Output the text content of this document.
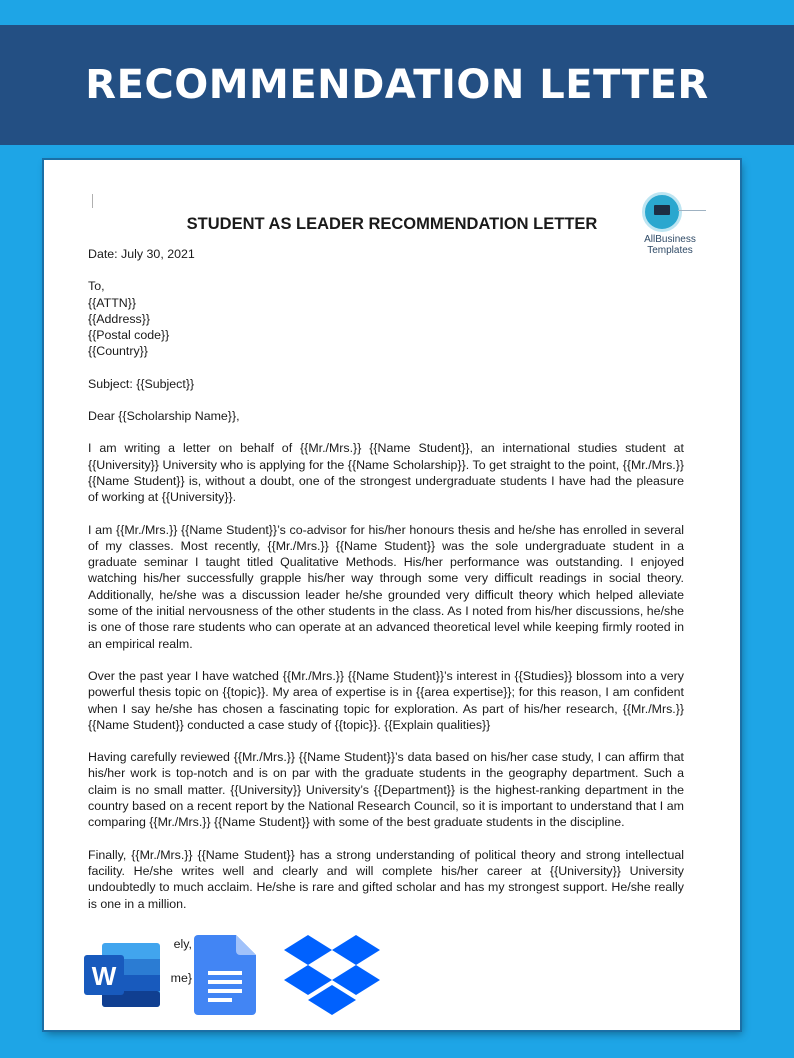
RECOMMENDATION LETTER
AllBusiness
Templates
STUDENT AS LEADER RECOMMENDATION LETTER

Date: July 30, 2021

To,
{{ATTN}}
{{Address}}
{{Postal code}}
{{Country}}

Subject: {{Subject}}

Dear {{Scholarship Name}},

I am writing a letter on behalf of {{Mr./Mrs.}} {{Name Student}}, an international studies student at {{University}} University who is applying for the {{Name Scholarship}}. To get straight to the point, {{Mr./Mrs.}} {{Name Student}} is, without a doubt, one of the strongest undergraduate students I have had the pleasure of working at {{University}}.

I am {{Mr./Mrs.}} {{Name Student}}’s co-advisor for his/her honours thesis and he/she has enrolled in several of my classes. Most recently, {{Mr./Mrs.}} {{Name Student}} was the sole undergraduate student in a graduate seminar I taught titled Qualitative Methods. His/her performance was outstanding. I enjoyed watching his/her successfully grapple his/her way through some very difficult readings in social theory. Additionally, he/she was a discussion leader he/she grounded very difficult theory which helped alleviate some of the initial nervousness of the other students in the class. As I noted from his/her discussions, he/she is one of those rare students who can operate at an advanced theoretical level while keeping firmly rooted in an empirical realm.

Over the past year I have watched {{Mr./Mrs.}} {{Name Student}}’s interest in {{Studies}} blossom into a very powerful thesis topic on {{topic}}. My area of expertise is in {{area expertise}}; for this reason, I am confident when I say he/she has chosen a fascinating topic for exploration. As part of his/her research, {{Mr./Mrs.}} {{Name Student}} conducted a case study of {{topic}}. {{Explain qualities}}

Having carefully reviewed {{Mr./Mrs.}} {{Name Student}}’s data based on his/her case study, I can affirm that his/her work is top-notch and is on par with the graduate students in the geography department. Such a claim is no small matter. {{University}} University’s {{Department}} is the highest-ranking department in the country based on a recent report by the National Research Council, so it is important to understand that I am comparing {{Mr./Mrs.}} {{Name Student}} with some of the best graduate students in the discipline.

Finally, {{Mr./Mrs.}} {{Name Student}} has a strong understanding of political theory and strong intellectual facility. He/she writes well and clearly and will complete his/her career at {{University}} University undoubtedly to much acclaim. He/she is rare and gifted scholar and has my strongest support. He/she really is one in a million.

ely,
me}
W
